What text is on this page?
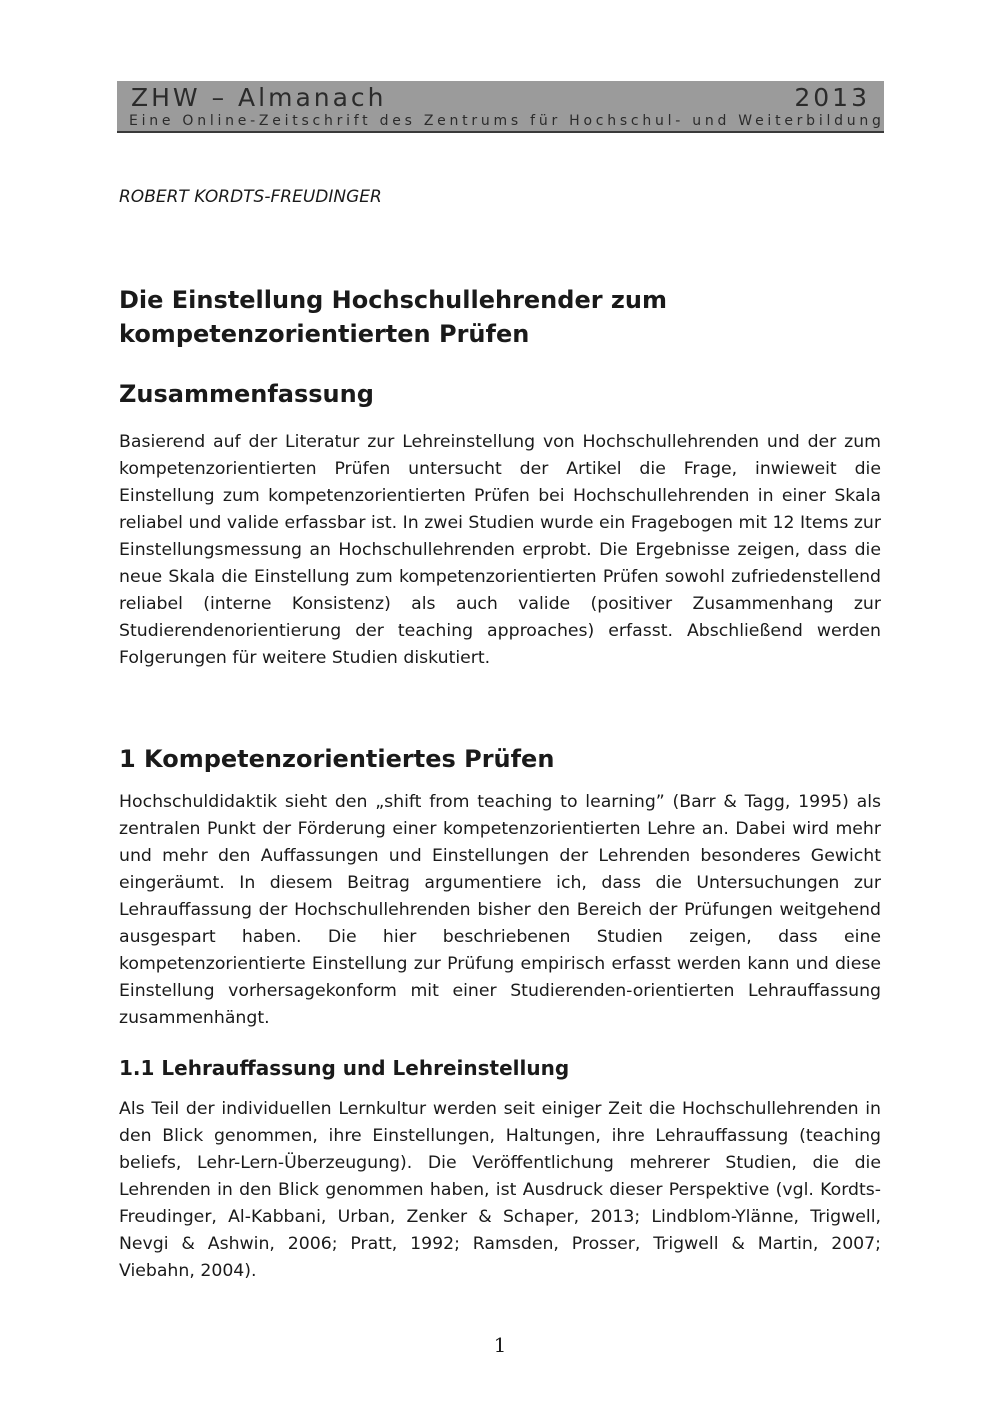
ZHW – Almanach	2013
Eine Online-Zeitschrift des Zentrums für Hochschul- und Weiterbildung
ROBERT KORDTS-FREUDINGER
Die Einstellung Hochschullehrender zum kompetenzorientierten Prüfen
Zusammenfassung

Basierend auf der Literatur zur Lehreinstellung von Hochschullehrenden und der zum kompetenzorientierten Prüfen untersucht der Artikel die Frage, inwieweit die Einstellung zum kompetenzorientierten Prüfen bei Hochschullehrenden in einer Skala reliabel und valide erfassbar ist. In zwei Studien wurde ein Fragebogen mit 12 Items zur Einstellungsmessung an Hochschullehrenden erprobt. Die Ergebnisse zeigen, dass die neue Skala die Einstellung zum kompetenzorientierten Prüfen sowohl zufriedenstellend reliabel (interne Konsistenz) als auch valide (positiver Zusammenhang zur Studierendenorientierung der teaching approaches) erfasst. Abschließend werden Folgerungen für weitere Studien diskutiert.

1 Kompetenzorientiertes Prüfen

Hochschuldidaktik sieht den „shift from teaching to learning” (Barr & Tagg, 1995) als zentralen Punkt der Förderung einer kompetenzorientierten Lehre an. Dabei wird mehr und mehr den Auffassungen und Einstellungen der Lehrenden besonderes Gewicht eingeräumt. In diesem Beitrag argumentiere ich, dass die Untersuchungen zur Lehrauffassung der Hochschullehrenden bisher den Bereich der Prüfungen weitgehend ausgespart haben. Die hier beschriebenen Studien zeigen, dass eine kompetenzorientierte Einstellung zur Prüfung empirisch erfasst werden kann und diese Einstellung vorhersagekonform mit einer Studierenden-orientierten Lehrauffassung zusammenhängt.

1.1 Lehrauffassung und Lehreinstellung

Als Teil der individuellen Lernkultur werden seit einiger Zeit die Hochschullehrenden in den Blick genommen, ihre Einstellungen, Haltungen, ihre Lehrauffassung (teaching beliefs, Lehr-Lern-Überzeugung). Die Veröffentlichung mehrerer Studien, die die Lehrenden in den Blick genommen haben, ist Ausdruck dieser Perspektive (vgl. Kordts-Freudinger, Al-Kabbani, Urban, Zenker & Schaper, 2013; Lindblom-Ylänne, Trigwell, Nevgi & Ashwin, 2006; Pratt, 1992; Ramsden, Prosser, Trigwell & Martin, 2007; Viebahn, 2004).

1
